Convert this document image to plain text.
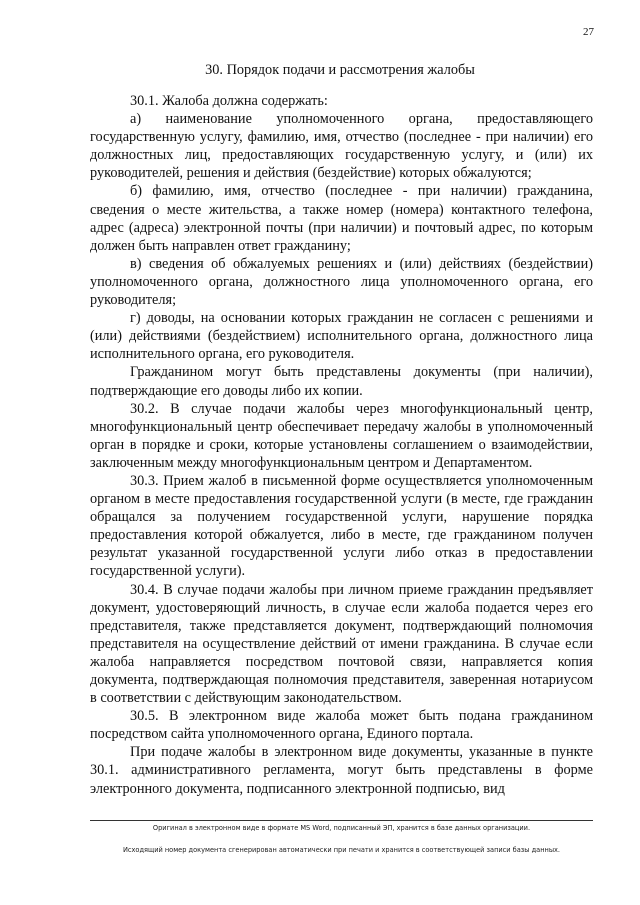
27
30. Порядок подачи и рассмотрения жалобы

30.1. Жалоба должна содержать:

а) наименование уполномоченного органа, предоставляющего государственную услугу, фамилию, имя, отчество (последнее - при наличии) его должностных лиц, предоставляющих государственную услугу, и (или) их руководителей, решения и действия (бездействие) которых обжалуются;

б) фамилию, имя, отчество (последнее - при наличии) гражданина, сведения о месте жительства, а также номер (номера) контактного телефона, адрес (адреса) электронной почты (при наличии) и почтовый адрес, по которым должен быть направлен ответ гражданину;

в) сведения об обжалуемых решениях и (или) действиях (бездействии) уполномоченного органа, должностного лица уполномоченного органа, его руководителя;

г) доводы, на основании которых гражданин не согласен с решениями и (или) действиями (бездействием) исполнительного органа, должностного лица исполнительного органа, его руководителя.

Гражданином могут быть представлены документы (при наличии), подтверждающие его доводы либо их копии.

30.2. В случае подачи жалобы через многофункциональный центр, многофункциональный центр обеспечивает передачу жалобы в уполномоченный орган в порядке и сроки, которые установлены соглашением о взаимодействии, заключенным между многофункциональным центром и Департаментом.

30.3. Прием жалоб в письменной форме осуществляется уполномоченным органом в месте предоставления государственной услуги (в месте, где гражданин обращался за получением государственной услуги, нарушение порядка предоставления которой обжалуется, либо в месте, где гражданином получен результат указанной государственной услуги либо отказ в предоставлении государственной услуги).

30.4. В случае подачи жалобы при личном приеме гражданин предъявляет документ, удостоверяющий личность, в случае если жалоба подается через его представителя, также представляется документ, подтверждающий полномочия представителя на осуществление действий от имени гражданина. В случае если жалоба направляется посредством почтовой связи, направляется копия документа, подтверждающая полномочия представителя, заверенная нотариусом в соответствии с действующим законодательством.

30.5. В электронном виде жалоба может быть подана гражданином посредством сайта уполномоченного органа, Единого портала.

При подаче жалобы в электронном виде документы, указанные в пункте 30.1. административного регламента, могут быть представлены в форме электронного документа, подписанного электронной подписью, вид

Оригинал в электронном виде в формате MS Word, подписанный ЭП, хранится в базе данных организации.
Исходящий номер документа сгенерирован автоматически при печати и хранится в соответствующей записи базы данных.
